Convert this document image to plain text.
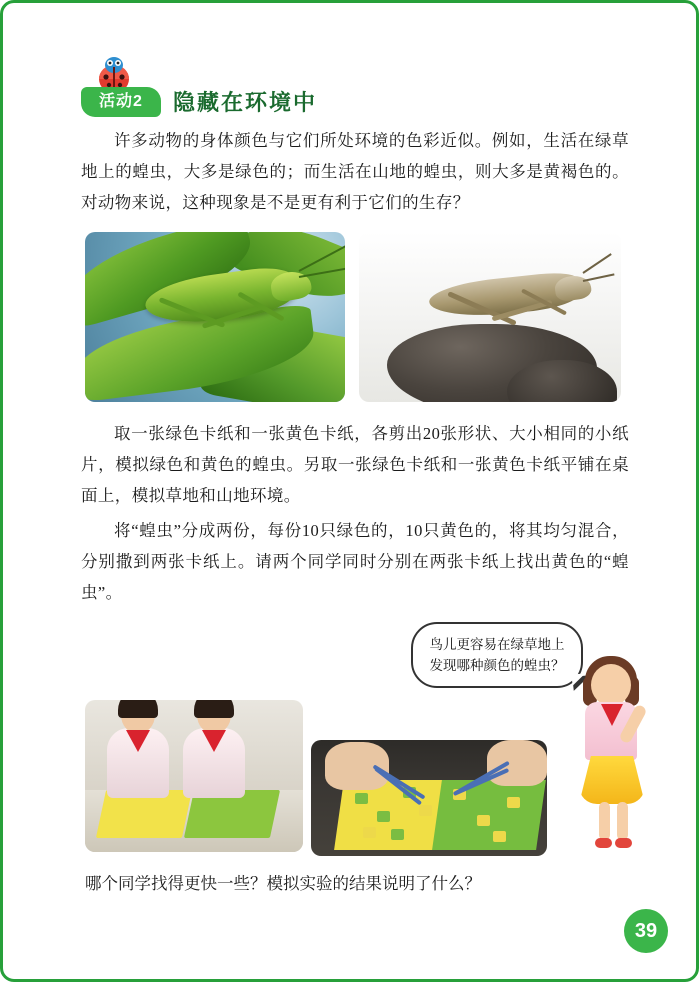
活动2	隐藏在环境中

许多动物的身体颜色与它们所处环境的色彩近似。例如，生活在绿草地上的蝗虫，大多是绿色的；而生活在山地的蝗虫，则大多是黄褐色的。对动物来说，这种现象是不是更有利于它们的生存？

取一张绿色卡纸和一张黄色卡纸，各剪出20张形状、大小相同的小纸片，模拟绿色和黄色的蝗虫。另取一张绿色卡纸和一张黄色卡纸平铺在桌面上，模拟草地和山地环境。

将“蝗虫”分成两份，每份10只绿色的，10只黄色的，将其均匀混合，分别撒到两张卡纸上。请两个同学同时分别在两张卡纸上找出黄色的“蝗虫”。

鸟儿更容易在绿草地上发现哪种颜色的蝗虫？
哪个同学找得更快一些？模拟实验的结果说明了什么？
39
